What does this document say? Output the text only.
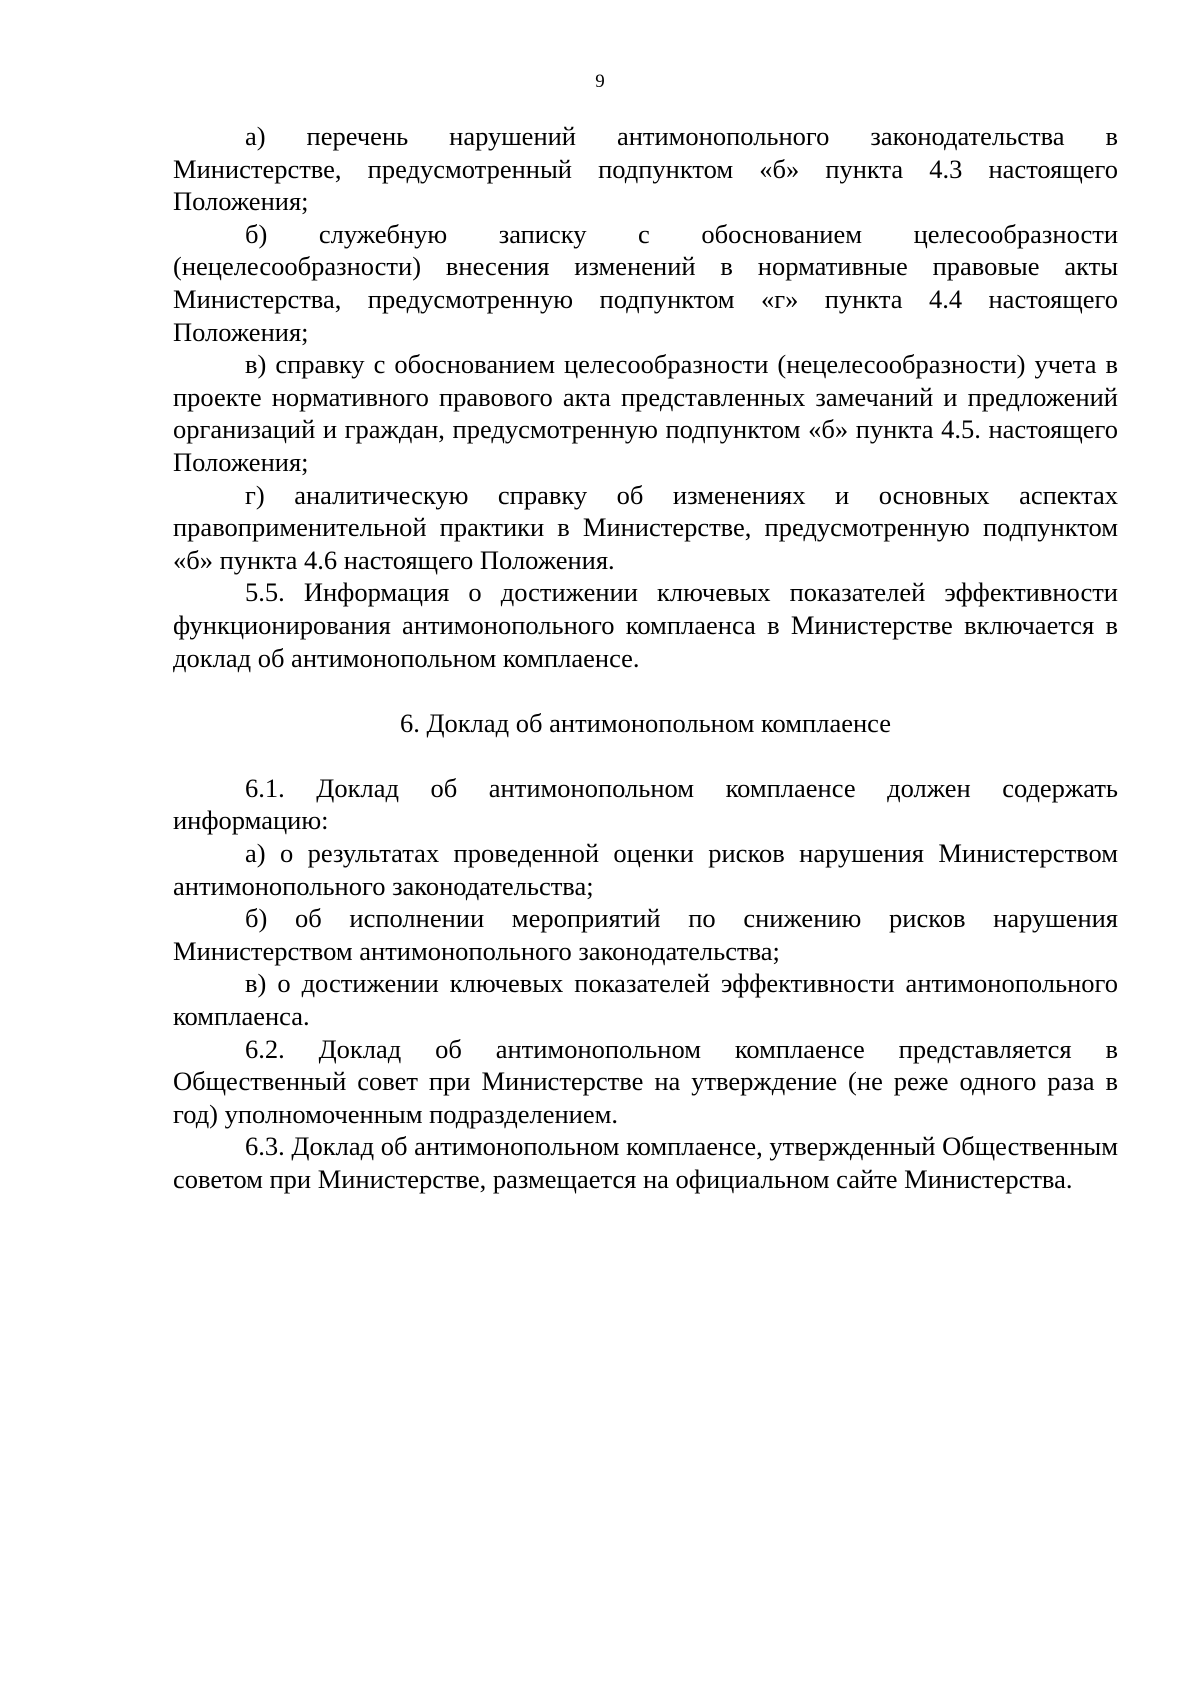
9

а) перечень нарушений антимонопольного законодательства в Министерстве, предусмотренный подпунктом «б» пункта 4.3 настоящего Положения;

б) служебную записку с обоснованием целесообразности (нецелесообразности) внесения изменений в нормативные правовые акты Министерства, предусмотренную подпунктом «г» пункта 4.4 настоящего Положения;

в) справку с обоснованием целесообразности (нецелесообразности) учета в проекте нормативного правового акта представленных замечаний и предложений организаций и граждан, предусмотренную подпунктом «б» пункта 4.5. настоящего Положения;

г) аналитическую справку об изменениях и основных аспектах правоприменительной практики в Министерстве, предусмотренную подпунктом «б» пункта 4.6 настоящего Положения.

5.5. Информация о достижении ключевых показателей эффективности функционирования антимонопольного комплаенса в Министерстве включается в доклад об антимонопольном комплаенсе.

6. Доклад об антимонопольном комплаенсе

6.1. Доклад об антимонопольном комплаенсе должен содержать информацию:

а) о результатах проведенной оценки рисков нарушения Министерством антимонопольного законодательства;

б) об исполнении мероприятий по снижению рисков нарушения Министерством антимонопольного законодательства;

в) о достижении ключевых показателей эффективности антимонопольного комплаенса.

6.2. Доклад об антимонопольном комплаенсе представляется в Общественный совет при Министерстве на утверждение (не реже одного раза в год) уполномоченным подразделением.

6.3. Доклад об антимонопольном комплаенсе, утвержденный Общественным советом при Министерстве, размещается на официальном сайте Министерства.
